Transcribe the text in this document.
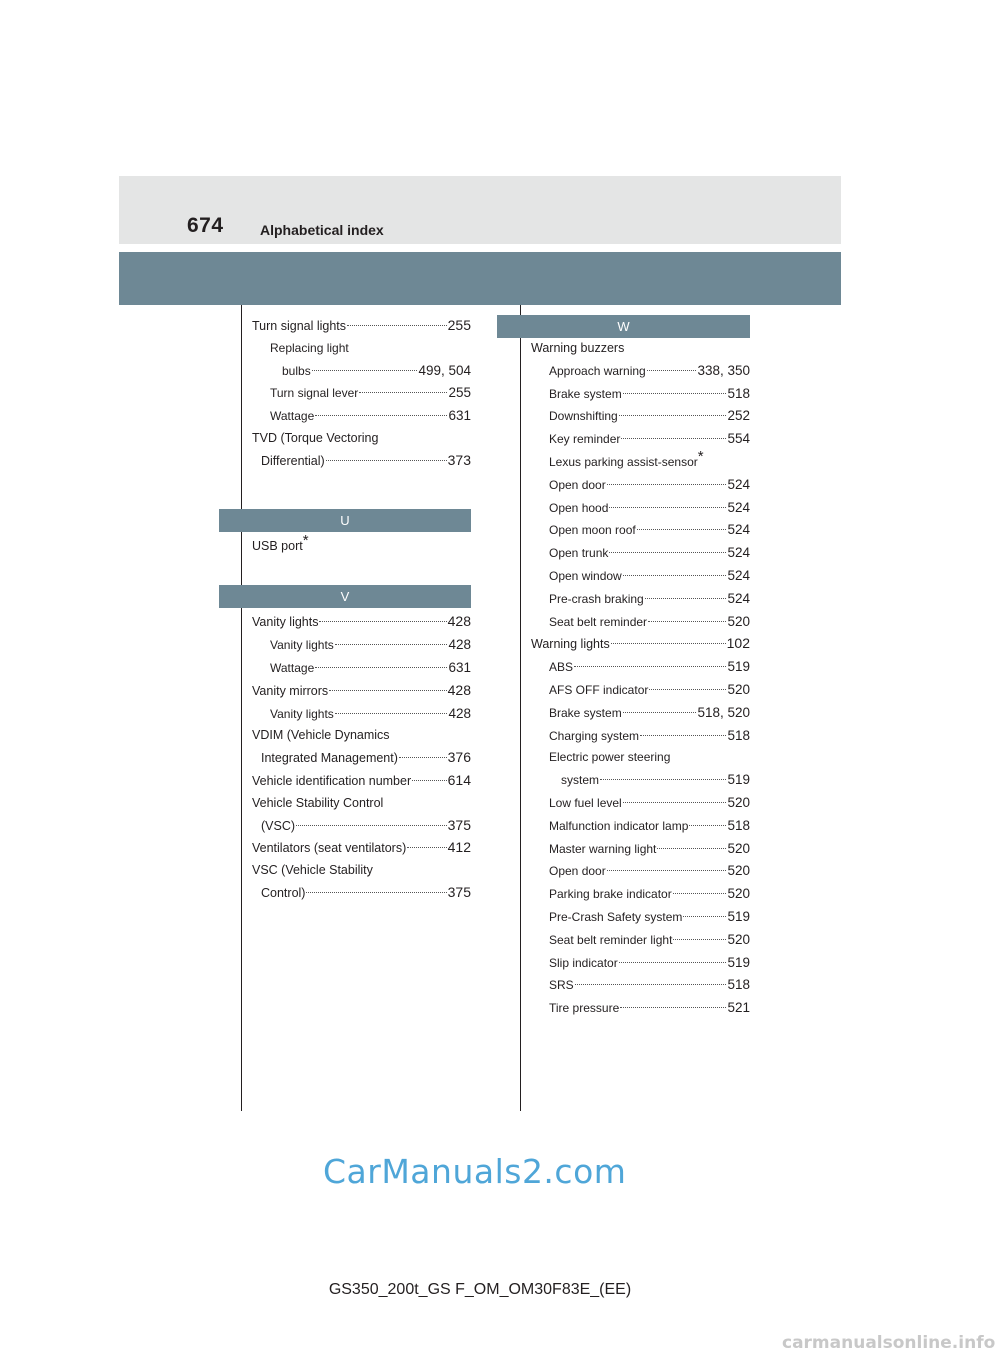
674	Alphabetical index
Turn signal lights	255
Replacing light
bulbs	499, 504
Turn signal lever	255
Wattage	631
TVD (Torque Vectoring
Differential)	373
U
USB port *
V
Vanity lights	428
Vanity lights	428
Wattage	631
Vanity mirrors	428
Vanity lights	428
VDIM (Vehicle Dynamics
Integrated Management)	376
Vehicle identification number	614
Vehicle Stability Control
(VSC)	375
Ventilators (seat ventilators)	412
VSC (Vehicle Stability
Control)	375
W
Warning buzzers
Approach warning	338, 350
Brake system	518
Downshifting	252
Key reminder	554
Lexus parking assist-sensor *
Open door	524
Open hood	524
Open moon roof	524
Open trunk	524
Open window	524
Pre-crash braking	524
Seat belt reminder	520
Warning lights	102
ABS	519
AFS OFF indicator	520
Brake system	518, 520
Charging system	518
Electric power steering
system	519
Low fuel level	520
Malfunction indicator lamp	518
Master warning light	520
Open door	520
Parking brake indicator	520
Pre-Crash Safety system	519
Seat belt reminder light	520
Slip indicator	519
SRS	518
Tire pressure	521
CarManuals2.com
GS350_200t_GS F_OM_OM30F83E_(EE)
carmanualsonline.info
